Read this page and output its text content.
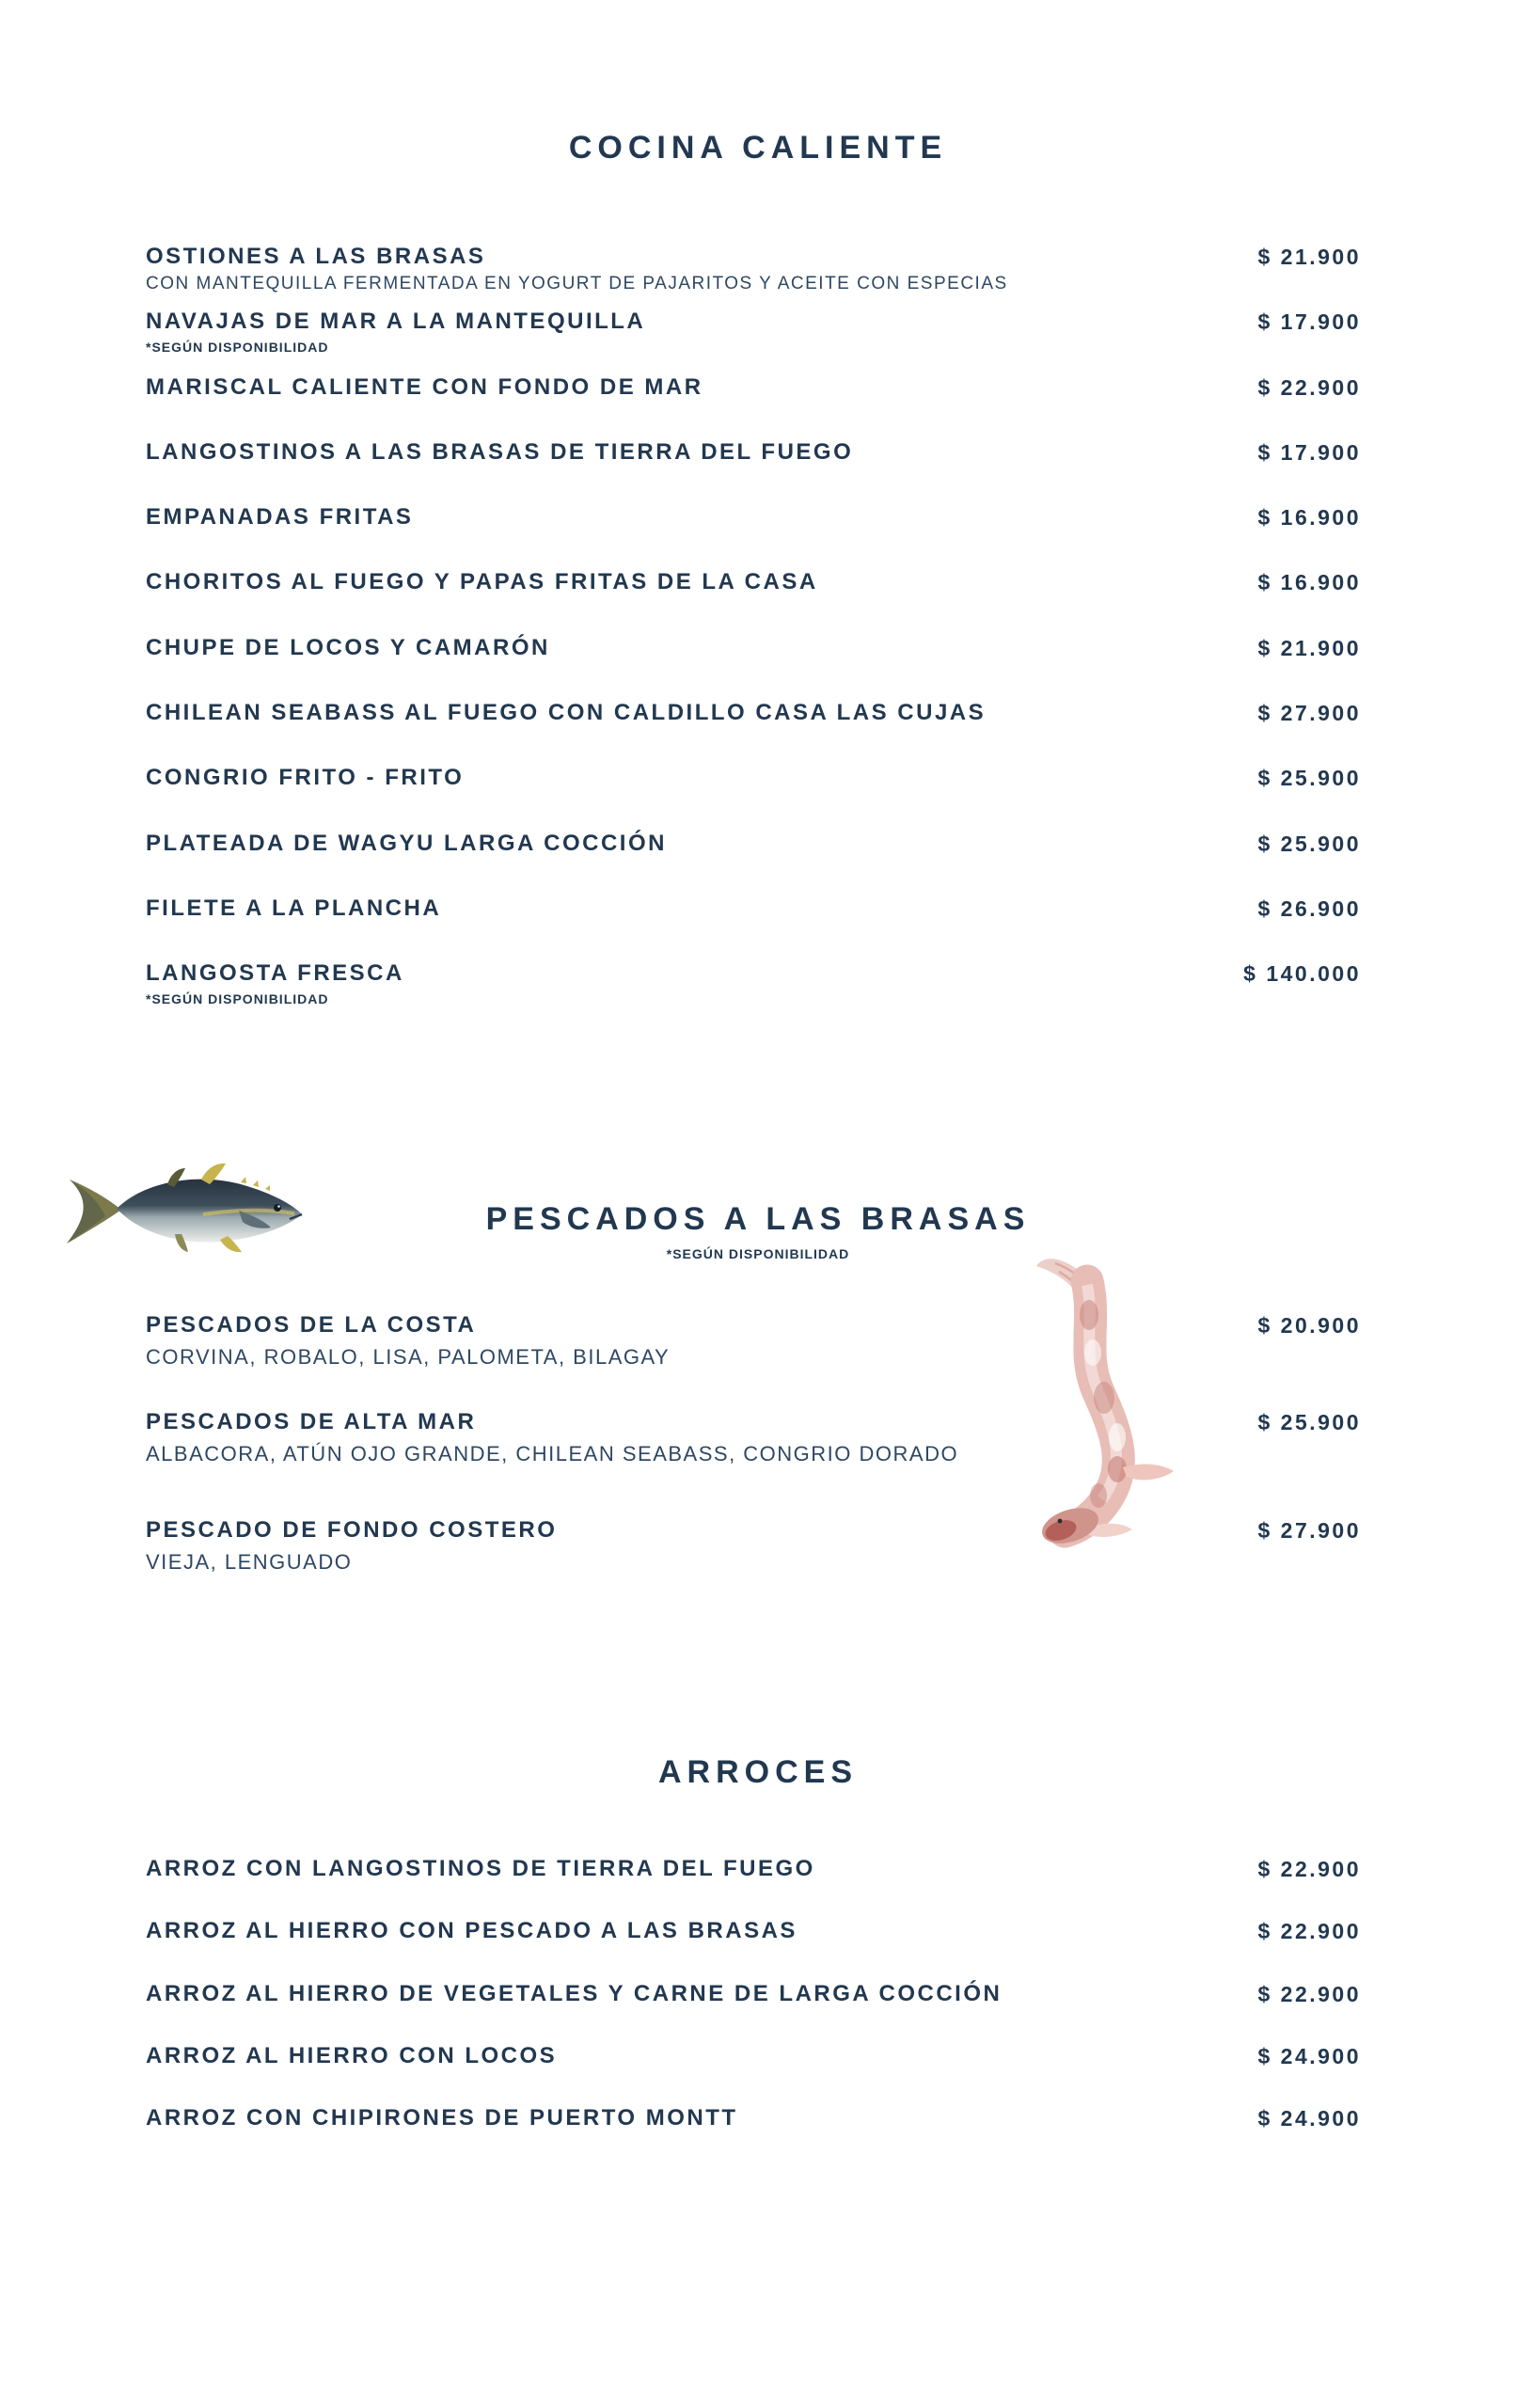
COCINA CALIENTE
OSTIONES A LAS BRASAS
CON MANTEQUILLA FERMENTADA EN YOGURT DE PAJARITOS Y ACEITE CON ESPECIAS
$ 21.900
NAVAJAS DE MAR A LA MANTEQUILLA
*SEGÚN DISPONIBILIDAD
$ 17.900
MARISCAL CALIENTE CON FONDO DE MAR	$ 22.900
LANGOSTINOS A LAS BRASAS DE TIERRA DEL FUEGO	$ 17.900
EMPANADAS FRITAS	$ 16.900
CHORITOS AL FUEGO Y PAPAS FRITAS DE LA CASA	$ 16.900
CHUPE DE LOCOS Y CAMARÓN	$ 21.900
CHILEAN SEABASS AL FUEGO CON CALDILLO CASA LAS CUJAS	$ 27.900
CONGRIO FRITO - FRITO	$ 25.900
PLATEADA DE WAGYU LARGA COCCIÓN	$ 25.900
FILETE A LA PLANCHA	$ 26.900
LANGOSTA FRESCA
*SEGÚN DISPONIBILIDAD
$ 140.000
PESCADOS A LAS BRASAS
*SEGÚN DISPONIBILIDAD
PESCADOS DE LA COSTA
CORVINA, ROBALO, LISA, PALOMETA, BILAGAY
$ 20.900
PESCADOS DE ALTA MAR
ALBACORA, ATÚN OJO GRANDE, CHILEAN SEABASS, CONGRIO DORADO
$ 25.900
PESCADO DE FONDO COSTERO
VIEJA, LENGUADO
$ 27.900
ARROCES
ARROZ CON LANGOSTINOS DE TIERRA DEL FUEGO	$ 22.900
ARROZ AL HIERRO CON PESCADO A LAS BRASAS	$ 22.900
ARROZ AL HIERRO DE VEGETALES Y CARNE DE LARGA COCCIÓN	$ 22.900
ARROZ AL HIERRO CON LOCOS	$ 24.900
ARROZ CON CHIPIRONES DE PUERTO MONTT	$ 24.900
